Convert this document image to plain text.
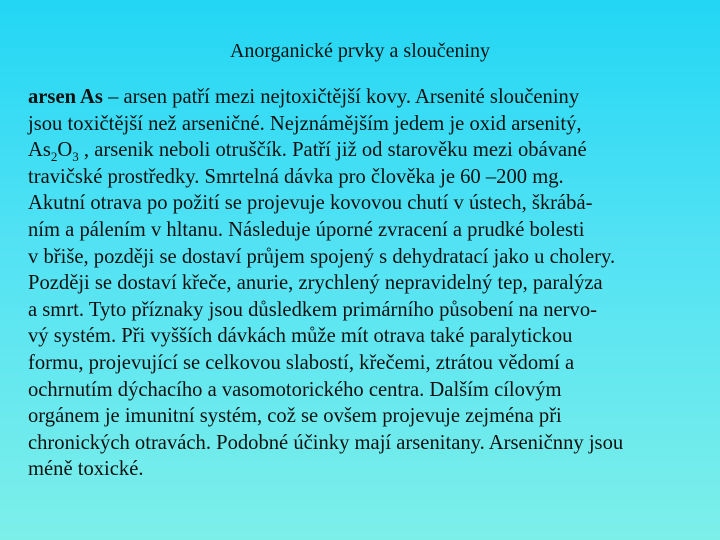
Anorganické prvky a sloučeniny
arsen As – arsen patří mezi nejtoxičtější kovy. Arsenité sloučeniny
jsou toxičtější než arseničné. Nejznámějším jedem je oxid arsenitý,
$As_2O_3$ , arsenik neboli otruščík. Patří již od starověku mezi obávané
travičské prostředky. Smrtelná dávka pro člověka je 60 –200 mg.
Akutní otrava po požití se projevuje kovovou chutí v ústech, škrábá-
ním a pálením v hltanu. Následuje úporné zvracení a prudké bolesti
v břiše, později se dostaví průjem spojený s dehydratací jako u cholery.
Později se dostaví křeče, anurie, zrychlený nepravidelný tep, paralýza
a smrt. Tyto příznaky jsou důsledkem primárního působení na nervo-
vý systém. Při vyšších dávkách může mít otrava také paralytickou
formu, projevující se celkovou slabostí, křečemi, ztrátou vědomí a
ochrnutím dýchacího a vasomotorického centra. Dalším cílovým
orgánem je imunitní systém, což se ovšem projevuje zejména při
chronických otravách. Podobné účinky mají arsenitany. Arseničnny jsou
méně toxické.
